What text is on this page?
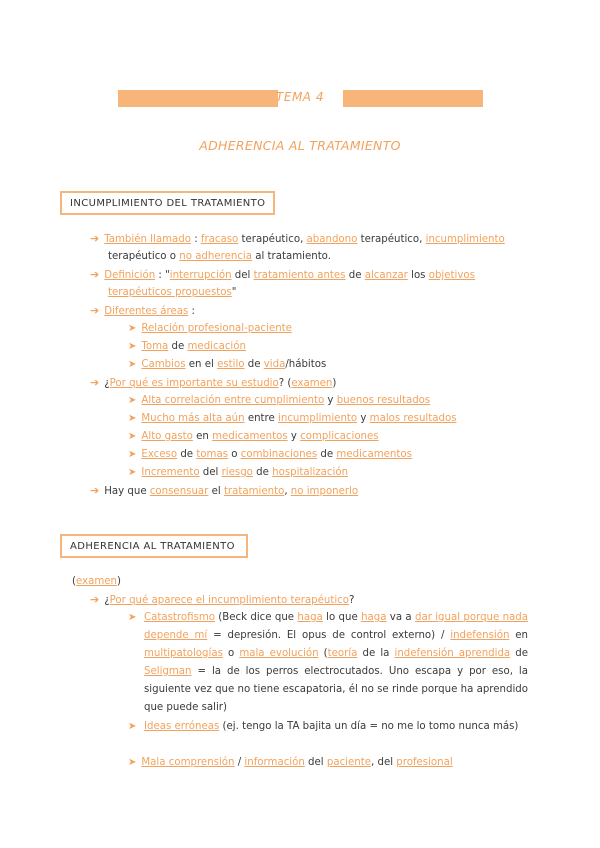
TEMA 4
ADHERENCIA AL TRATAMIENTO
INCUMPLIMIENTO DEL TRATAMIENTO
➔ También llamado : fracaso terapéutico, abandono terapéutico, incumplimiento
terapéutico o no adherencia al tratamiento.
➔ Definición : "interrupción del tratamiento antes de alcanzar los objetivos
terapéuticos propuestos"
➔ Diferentes áreas :
➤ Relación profesional-paciente
➤ Toma de medicación
➤ Cambios en el estilo de vida/hábitos
➔ ¿Por qué es importante su estudio? (examen)
➤ Alta correlación entre cumplimiento y buenos resultados
➤ Mucho más alta aún entre incumplimiento y malos resultados
➤ Alto gasto en medicamentos y complicaciones
➤ Exceso de tomas o combinaciones de medicamentos
➤ Incremento del riesgo de hospitalización
➔ Hay que consensuar el tratamiento, no imponerlo
ADHERENCIA AL TRATAMIENTO
(examen)
➔ ¿Por qué aparece el incumplimiento terapéutico?
➤ Catastrofismo (Beck dice que haga lo que haga va a dar igual porque nada depende mí = depresión. El opus de control externo) / indefensión en multipatologías o mala evolución (teoría de la indefensión aprendida de Seligman = la de los perros electrocutados. Uno escapa y por eso, la siguiente vez que no tiene escapatoria, él no se rinde porque ha aprendido que puede salir)
➤ Ideas erróneas (ej. tengo la TA bajita un día = no me lo tomo nunca más)
➤ Mala comprensión / información del paciente, del profesional
